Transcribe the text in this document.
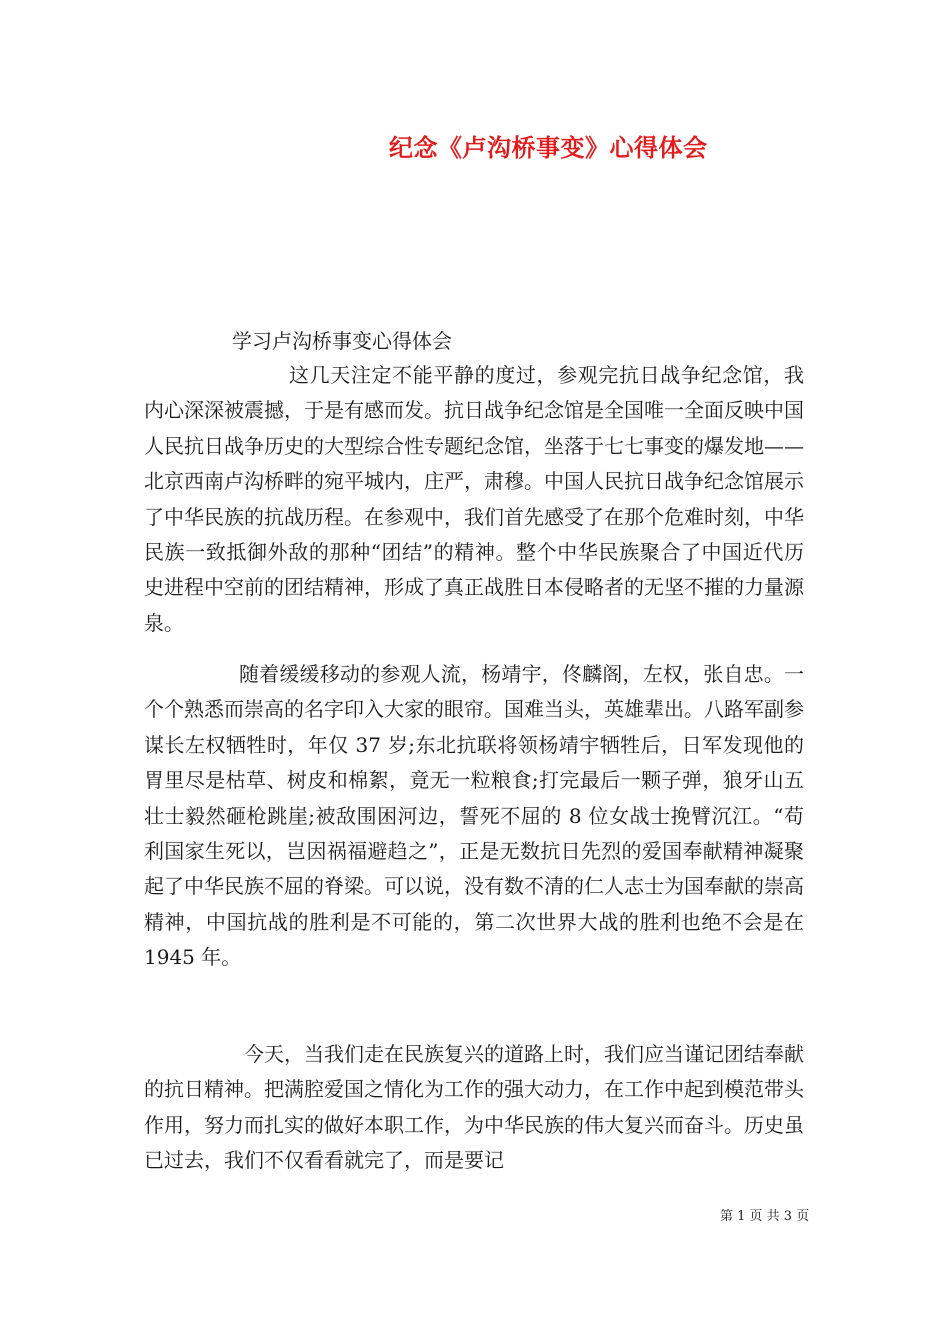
纪念《卢沟桥事变》心得体会
学习卢沟桥事变心得体会

这几天注定不能平静的度过，参观完抗日战争纪念馆，我内心深深被震撼，于是有感而发。抗日战争纪念馆是全国唯一全面反映中国人民抗日战争历史的大型综合性专题纪念馆，坐落于七七事变的爆发地——北京西南卢沟桥畔的宛平城内，庄严，肃穆。中国人民抗日战争纪念馆展示了中华民族的抗战历程。在参观中，我们首先感受了在那个危难时刻，中华民族一致抵御外敌的那种“团结”的精神。整个中华民族聚合了中国近代历史进程中空前的团结精神，形成了真正战胜日本侵略者的无坚不摧的力量源泉。

随着缓缓移动的参观人流，杨靖宇，佟麟阁，左权，张自忠。一个个熟悉而崇高的名字印入大家的眼帘。国难当头，英雄辈出。八路军副参谋长左权牺牲时，年仅 37 岁;东北抗联将领杨靖宇牺牲后，日军发现他的胃里尽是枯草、树皮和棉絮，竟无一粒粮食;打完最后一颗子弹，狼牙山五壮士毅然砸枪跳崖;被敌围困河边，誓死不屈的 8 位女战士挽臂沉江。“苟利国家生死以，岂因祸福避趋之”，正是无数抗日先烈的爱国奉献精神凝聚起了中华民族不屈的脊梁。可以说，没有数不清的仁人志士为国奉献的崇高精神，中国抗战的胜利是不可能的，第二次世界大战的胜利也绝不会是在 1945 年。

今天，当我们走在民族复兴的道路上时，我们应当谨记团结奉献的抗日精神。把满腔爱国之情化为工作的强大动力，在工作中起到模范带头作用，努力而扎实的做好本职工作，为中华民族的伟大复兴而奋斗。历史虽已过去，我们不仅看看就完了，而是要记

第 1 页 共 3 页
